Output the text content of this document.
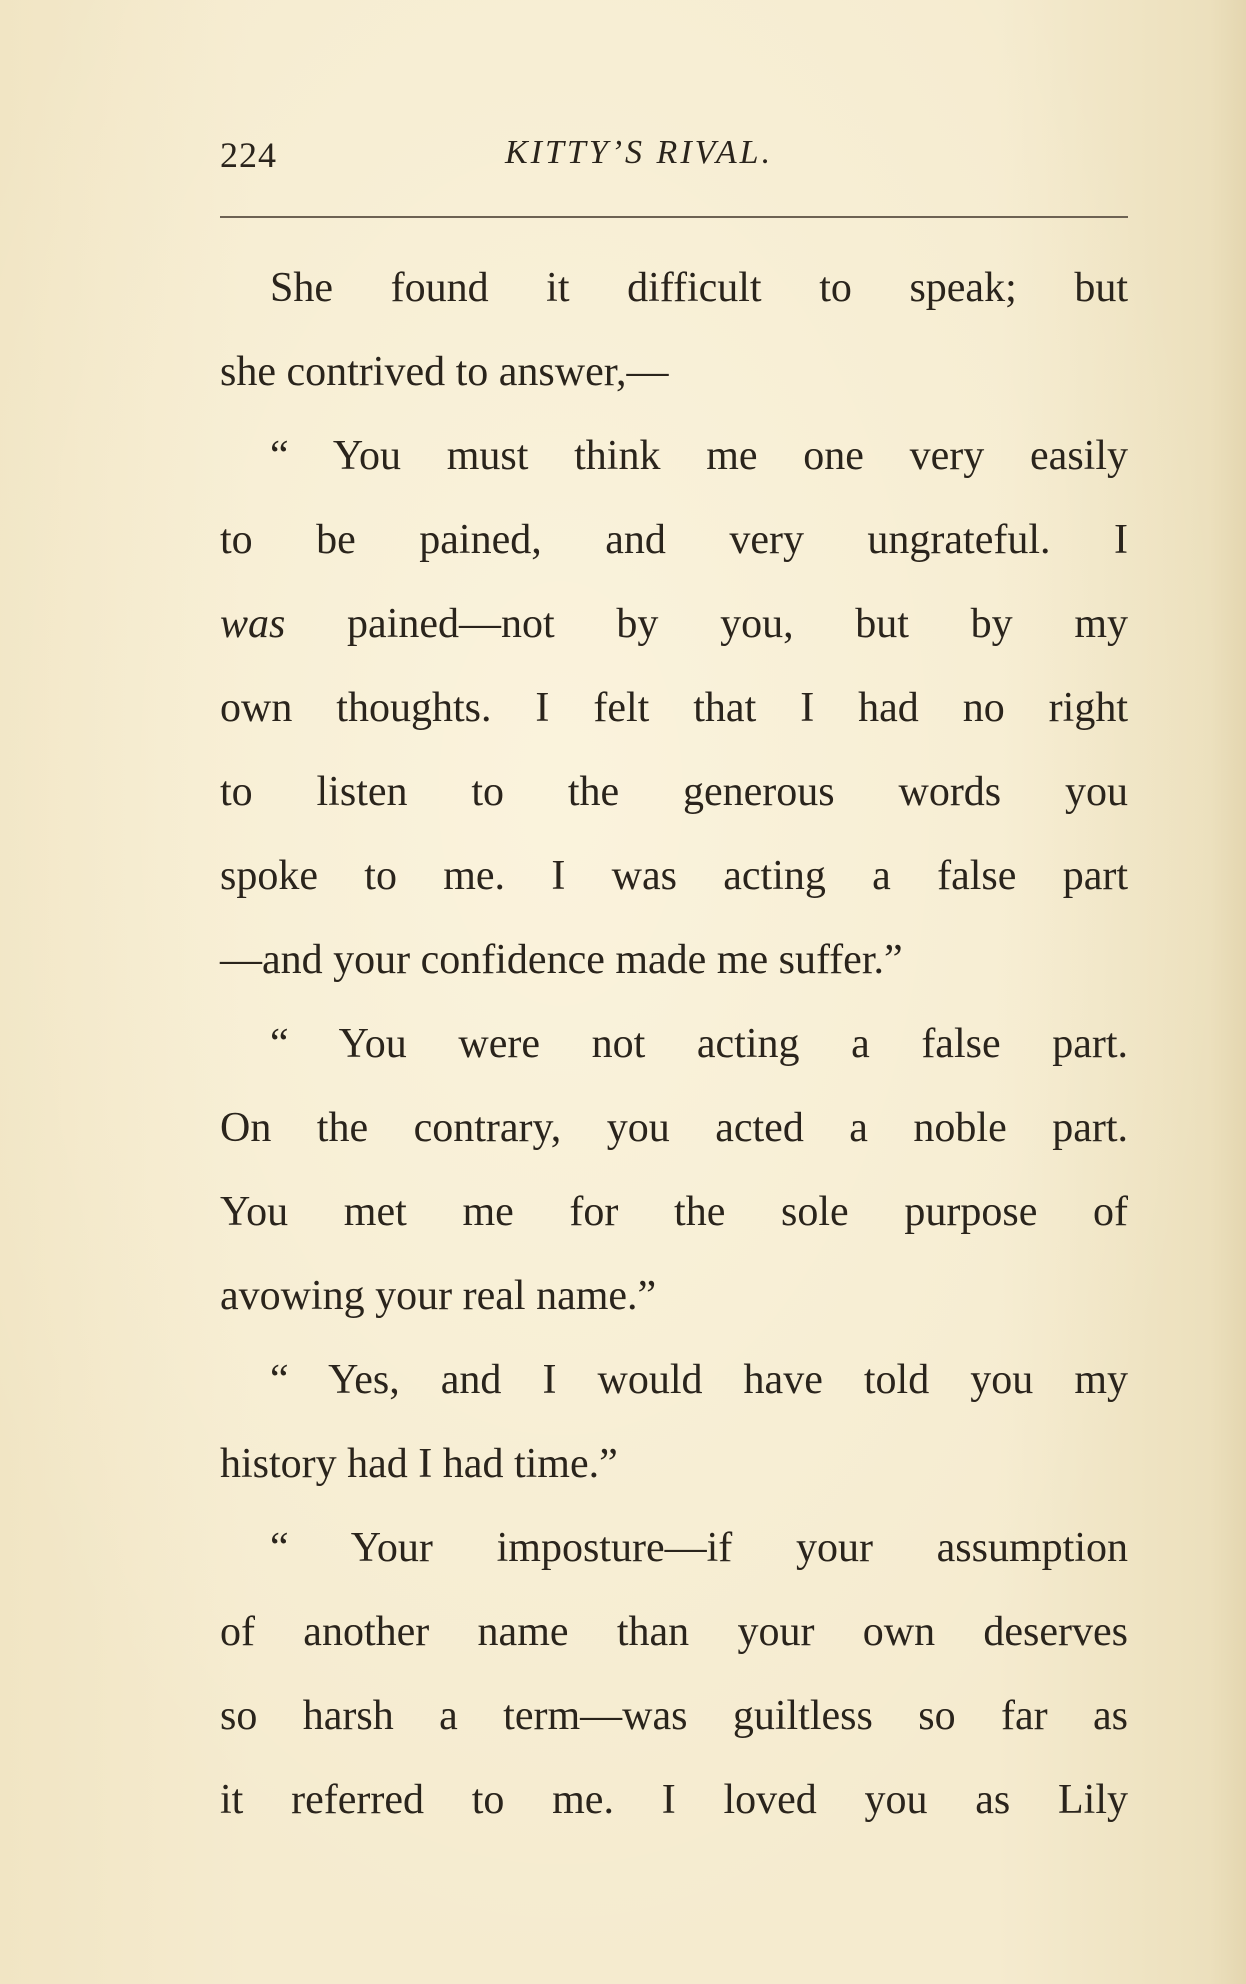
224	KITTY’S RIVAL.
She found it difficult to speak; but
she contrived to answer,—
“ You must think me one very easily
to be pained, and very ungrateful. I
was pained—not by you, but by my
own thoughts. I felt that I had no right
to listen to the generous words you
spoke to me. I was acting a false part
—and your confidence made me suffer.”
“ You were not acting a false part.
On the contrary, you acted a noble part.
You met me for the sole purpose of
avowing your real name.”
“ Yes, and I would have told you my
history had I had time.”
“ Your imposture—if your assumption
of another name than your own deserves
so harsh a term—was guiltless so far as
it referred to me. I loved you as Lily
